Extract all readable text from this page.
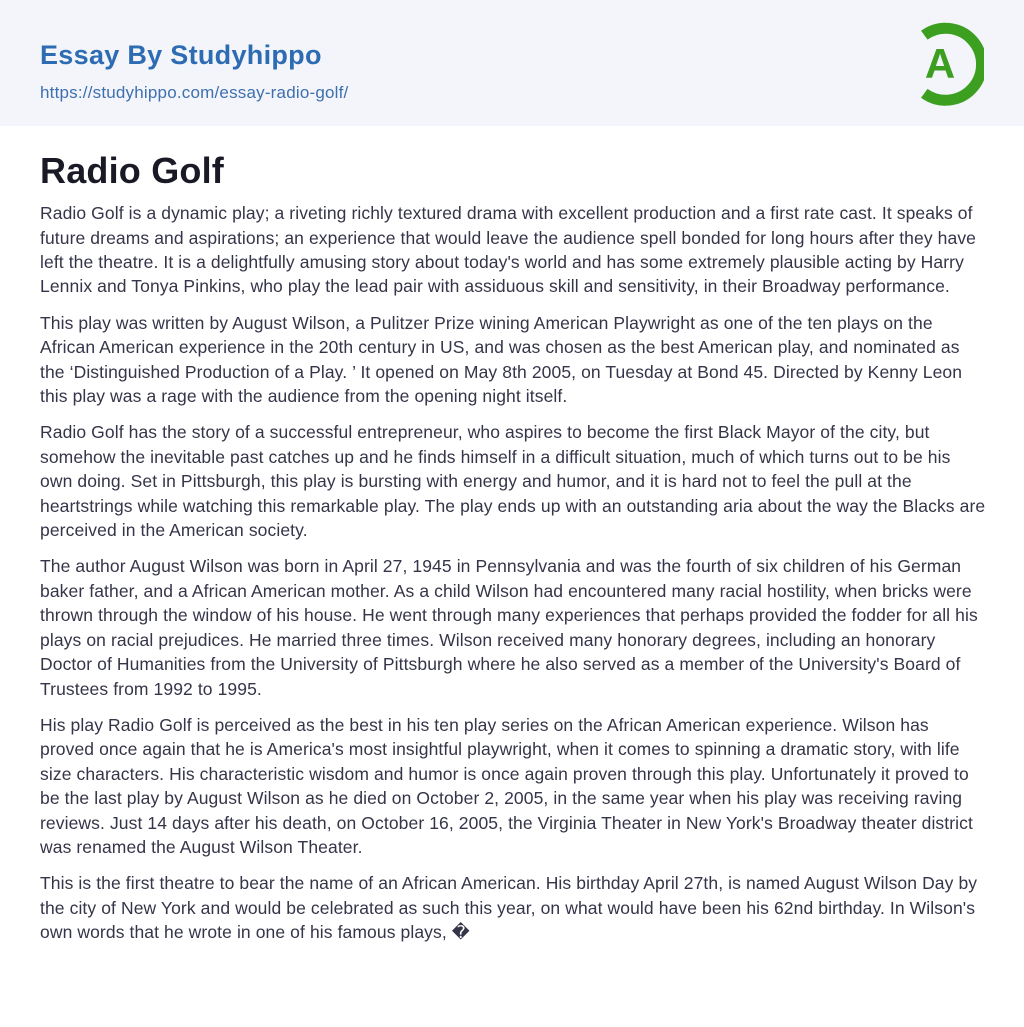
Essay By Studyhippo
https://studyhippo.com/essay-radio-golf/
A
Radio Golf

Radio Golf is a dynamic play; a riveting richly textured drama with excellent production and a first rate cast. It speaks of future dreams and aspirations; an experience that would leave the audience spell bonded for long hours after they have left the theatre. It is a delightfully amusing story about today's world and has some extremely plausible acting by Harry Lennix and Tonya Pinkins, who play the lead pair with assiduous skill and sensitivity, in their Broadway performance.

This play was written by August Wilson, a Pulitzer Prize wining American Playwright as one of the ten plays on the African American experience in the 20th century in US, and was chosen as the best American play, and nominated as the ‘Distinguished Production of a Play. ’ It opened on May 8th 2005, on Tuesday at Bond 45. Directed by Kenny Leon this play was a rage with the audience from the opening night itself.

Radio Golf has the story of a successful entrepreneur, who aspires to become the first Black Mayor of the city, but somehow the inevitable past catches up and he finds himself in a difficult situation, much of which turns out to be his own doing. Set in Pittsburgh, this play is bursting with energy and humor, and it is hard not to feel the pull at the heartstrings while watching this remarkable play. The play ends up with an outstanding aria about the way the Blacks are perceived in the American society.

The author August Wilson was born in April 27, 1945 in Pennsylvania and was the fourth of six children of his German baker father, and a African American mother. As a child Wilson had encountered many racial hostility, when bricks were thrown through the window of his house. He went through many experiences that perhaps provided the fodder for all his plays on racial prejudices. He married three times. Wilson received many honorary degrees, including an honorary Doctor of Humanities from the University of Pittsburgh where he also served as a member of the University's Board of Trustees from 1992 to 1995.

His play Radio Golf is perceived as the best in his ten play series on the African American experience. Wilson has proved once again that he is America's most insightful playwright, when it comes to spinning a dramatic story, with life size characters. His characteristic wisdom and humor is once again proven through this play. Unfortunately it proved to be the last play by August Wilson as he died on October 2, 2005, in the same year when his play was receiving raving reviews. Just 14 days after his death, on October 16, 2005, the Virginia Theater in New York's Broadway theater district was renamed the August Wilson Theater.

This is the first theatre to bear the name of an African American. His birthday April 27th, is named August Wilson Day by the city of New York and would be celebrated as such this year, on what would have been his 62nd birthday. In Wilson's own words that he wrote in one of his famous plays, �
